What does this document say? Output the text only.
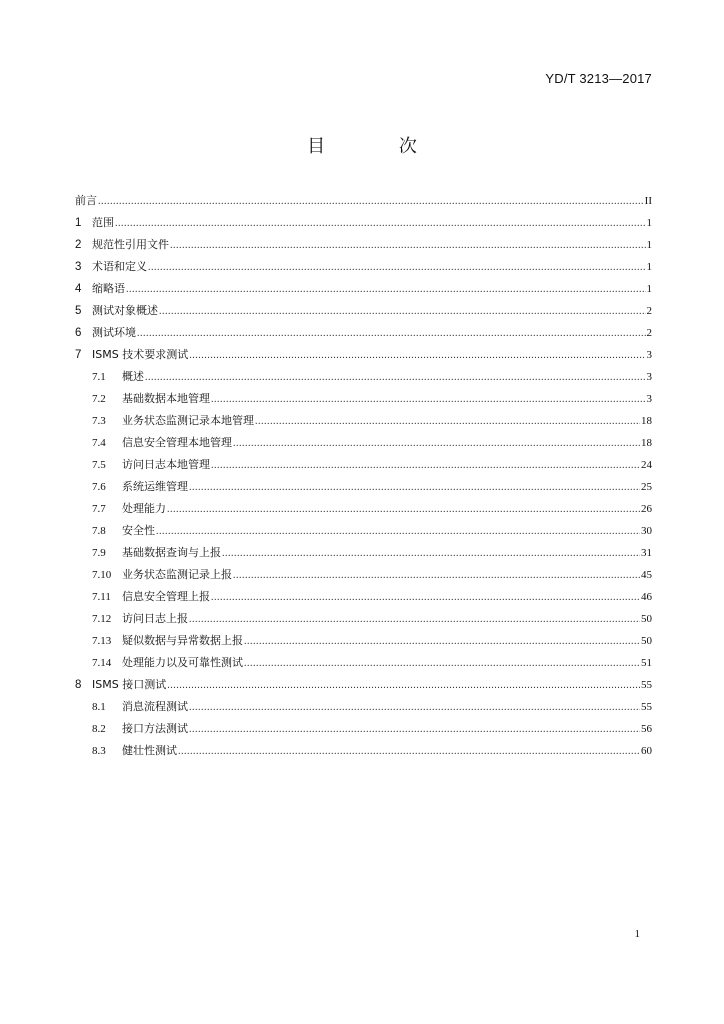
YD/T 3213—2017
目 次
前言 .....	II
1 范围 .....	1
2 规范性引用文件 .....	1
3 术语和定义 .....	1
4 缩略语 .....	1
5 测试对象概述 .....	2
6 测试环境 .....	2
7 ISMS 技术要求测试 .....	3
7.1	概述 .....	3
7.2	基础数据本地管理 .....	3
7.3	业务状态监测记录本地管理 .....	18
7.4	信息安全管理本地管理 .....	18
7.5	访问日志本地管理 .....	24
7.6	系统运维管理 .....	25
7.7	处理能力 .....	26
7.8	安全性 .....	30
7.9	基础数据查询与上报 .....	31
7.10 业务状态监测记录上报 .....	45
7.11	信息安全管理上报 .....	46
7.12 访问日志上报 .....	50
7.13 疑似数据与异常数据上报 .....	50
7.14 处理能力以及可靠性测试 .....	51
8 ISMS 接口测试 .....	55
8.1	消息流程测试 .....	55
8.2	接口方法测试 .....	56
8.3	健壮性测试 .....	60
1
